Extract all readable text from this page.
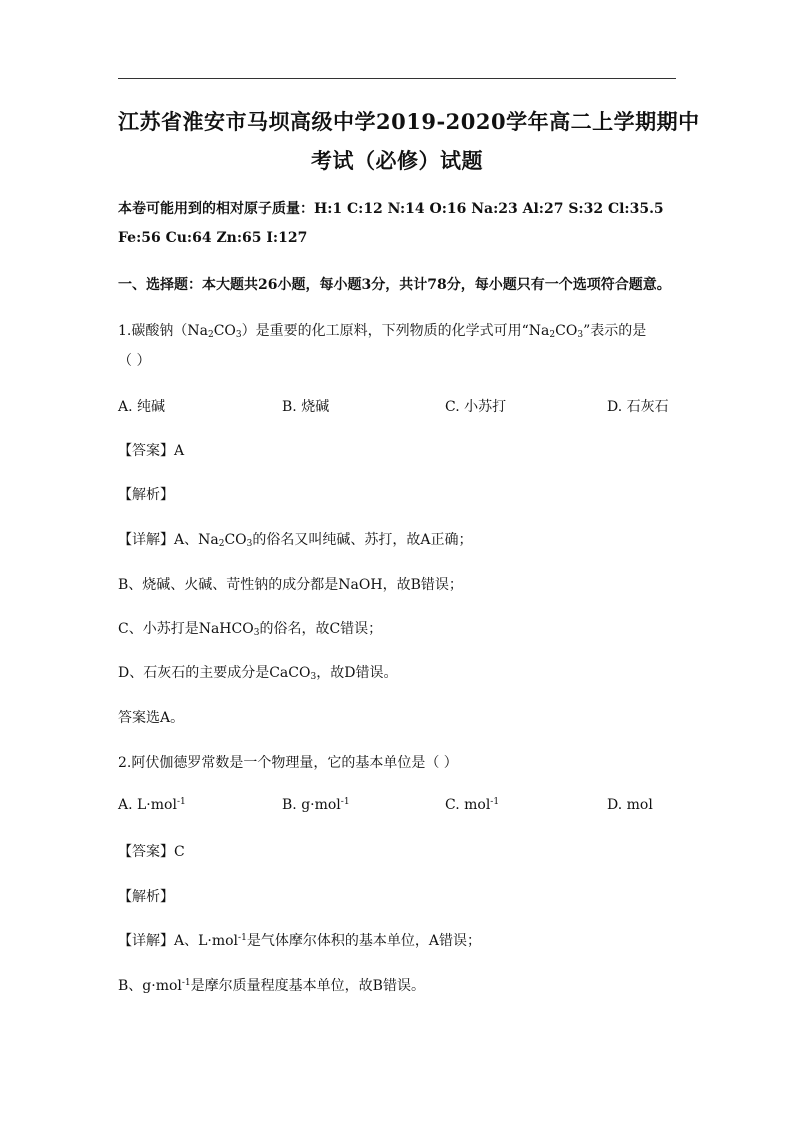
江苏省淮安市马坝高级中学2019-2020学年高二上学期期中
考试（必修）试题
本卷可能用到的相对原子质量：H:1 C:12 N:14 O:16 Na:23 Al:27 S:32 Cl:35.5
Fe:56 Cu:64 Zn:65 I:127
一、选择题：本大题共26小题，每小题3分，共计78分，每小题只有一个选项符合题意。
1.碳酸钠$(Na_2CO_3)$是重要的化工原料，下列物质的化学式可用“$Na_2CO_3$”表示的是
（ ）
A. 纯碱	B. 烧碱	C. 小苏打	D. 石灰石
【答案】A
【解析】
【详解】A、$Na_2CO_3$的俗名又叫纯碱、苏打，故A正确；
B、烧碱、火碱、苛性钠的成分都是NaOH，故B错误；
C、小苏打是NaHCO$_3$的俗名，故C错误；
D、石灰石的主要成分是CaCO$_3$，故D错误。
答案选A。
2.阿伏伽德罗常数是一个物理量，它的基本单位是（ ）
A. L·mol$^{-1}$	B. g·mol$^{-1}$	C. mol$^{-1}$	D. mol
【答案】C
【解析】
【详解】A、L·mol$^{-1}$是气体摩尔体积的基本单位，A错误；
B、g·mol$^{-1}$是摩尔质量程度基本单位，故B错误。
